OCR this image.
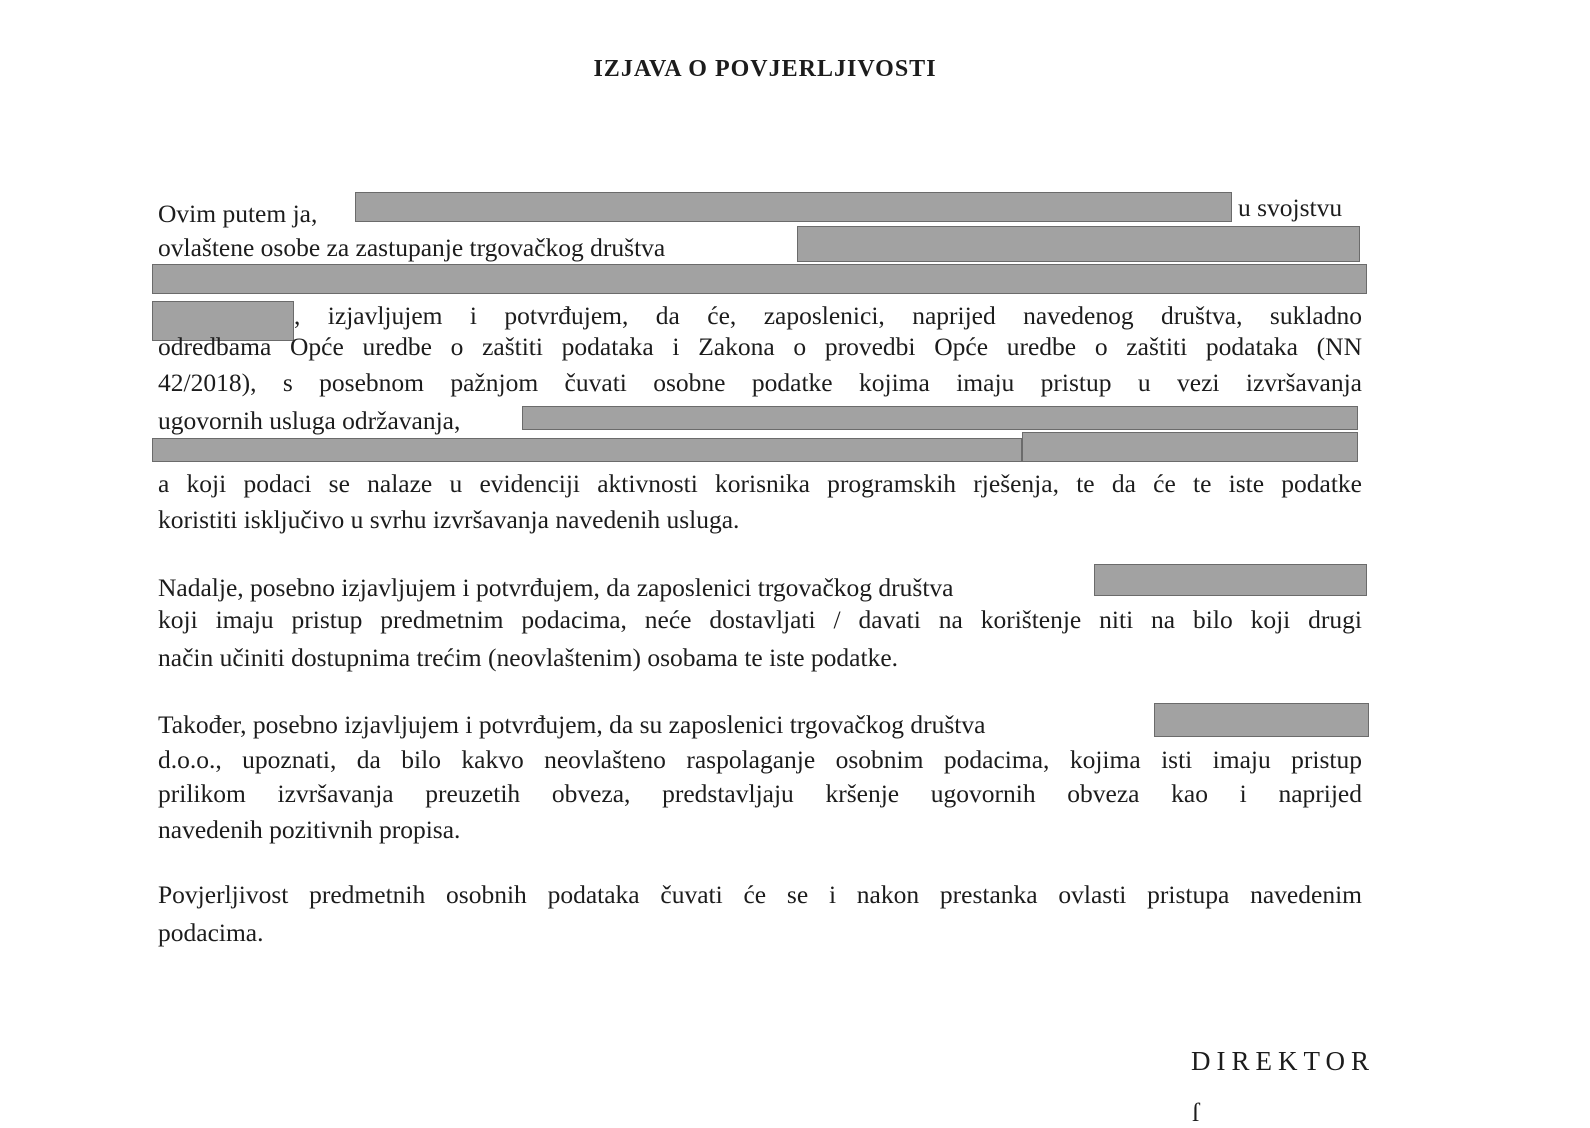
IZJAVA O POVJERLJIVOSTI
Ovim putem ja,	u svojstvu
ovlaštene osobe za zastupanje trgovačkog društva
, izjavljujem i potvrđujem, da će, zaposlenici, naprijed navedenog društva, sukladno
odredbama Opće uredbe o zaštiti podataka i Zakona o provedbi Opće uredbe o zaštiti podataka (NN
42/2018), s posebnom pažnjom čuvati osobne podatke kojima imaju pristup u vezi izvršavanja
ugovornih usluga održavanja,
a koji podaci se nalaze u evidenciji aktivnosti korisnika programskih rješenja, te da će te iste podatke
koristiti isključivo u svrhu izvršavanja navedenih usluga.
Nadalje, posebno izjavljujem i potvrđujem, da zaposlenici trgovačkog društva
koji imaju pristup predmetnim podacima, neće dostavljati / davati na korištenje niti na bilo koji drugi
način učiniti dostupnima trećim (neovlaštenim) osobama te iste podatke.
Također, posebno izjavljujem i potvrđujem, da su zaposlenici trgovačkog društva
d.o.o., upoznati, da bilo kakvo neovlašteno raspolaganje osobnim podacima, kojima isti imaju pristup
prilikom izvršavanja preuzetih obveza, predstavljaju kršenje ugovornih obveza kao i naprijed
navedenih pozitivnih propisa.
Povjerljivost predmetnih osobnih podataka čuvati će se i nakon prestanka ovlasti pristupa navedenim
podacima.
DIREKTOR
ſ
